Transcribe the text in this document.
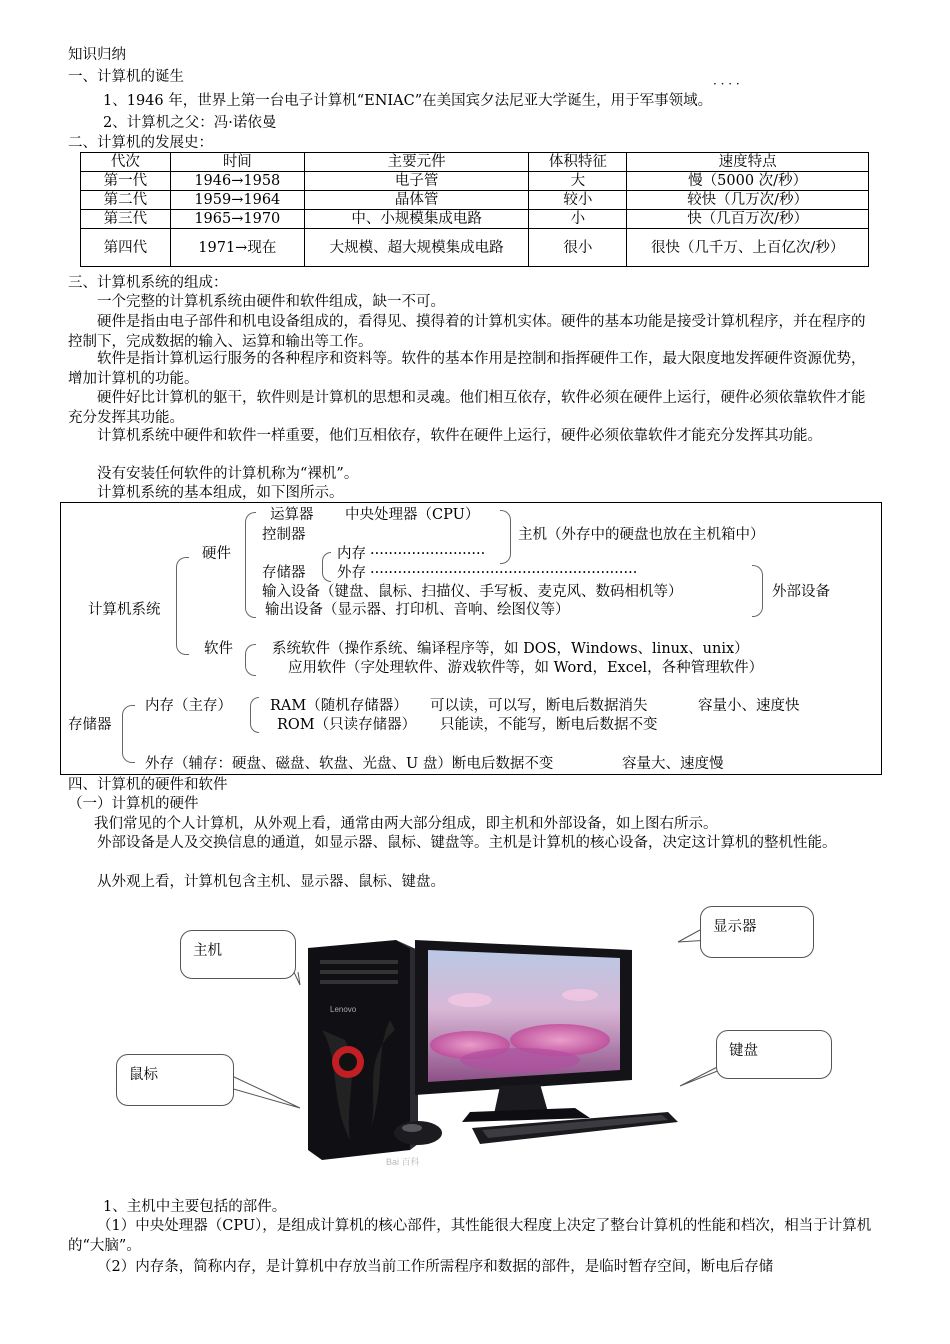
知识归纳
一、计算机的诞生	· · · ·
1、1946 年，世界上第一台电子计算机“ENIAC”在美国宾夕法尼亚大学诞生，用于军事领域。
2、计算机之父：冯·诺依曼
二、计算机的发展史：
代次	时间	主要元件	体积特征	速度特点
第一代	1946→1958	电子管	大	慢（5000 次/秒）
第二代	1959→1964	晶体管	较小	较快（几万次/秒）
第三代	1965→1970	中、小规模集成电路	小	快（几百万次/秒）
第四代	1971→现在	大规模、超大规模集成电路	很小	很快（几千万、上百亿次/秒）
三、计算机系统的组成：
一个完整的计算机系统由硬件和软件组成，缺一不可。
硬件是指由电子部件和机电设备组成的，看得见、摸得着的计算机实体。硬件的基本功能是接受计算机程序，并在程序的控制下，完成数据的输入、运算和输出等工作。
软件是指计算机运行服务的各种程序和资料等。软件的基本作用是控制和指挥硬件工作，最大限度地发挥硬件资源优势，增加计算机的功能。
硬件好比计算机的躯干，软件则是计算机的思想和灵魂。他们相互依存，软件必须在硬件上运行，硬件必须依靠软件才能充分发挥其功能。
计算机系统中硬件和软件一样重要，他们互相依存，软件在硬件上运行，硬件必须依靠软件才能充分发挥其功能。
没有安装任何软件的计算机称为“裸机”。
计算机系统的基本组成，如下图所示。
计算机系统
硬件
运算器 中央处理器（CPU）
控制器	主机（外存中的硬盘也放在主机箱中）
内存 ·························
存储器 外存 ··························································
输入设备（键盘、鼠标、扫描仪、手写板、麦克风、数码相机等）
输出设备（显示器、打印机、音响、绘图仪等）
外部设备
软件	系统软件（操作系统、编译程序等，如 DOS，Windows、linux、unix）
应用软件（字处理软件、游戏软件等，如 Word，Excel，各种管理软件）
存储器
内存（主存）	RAM（随机存储器） 可以读，可以写，断电后数据消失	容量小、速度快
ROM（只读存储器） 只能读，不能写，断电后数据不变
外存（辅存：硬盘、磁盘、软盘、光盘、U 盘）断电后数据不变	容量大、速度慢
四、计算机的硬件和软件
（一）计算机的硬件
我们常见的个人计算机，从外观上看，通常由两大部分组成，即主机和外部设备，如上图右所示。
外部设备是人及交换信息的通道，如显示器、鼠标、键盘等。主机是计算机的核心设备，决定这计算机的整机性能。
从外观上看，计算机包含主机、显示器、鼠标、键盘。
Lenovo
Bai 百科
主机
显示器
键盘
鼠标
1、主机中主要包括的部件。
（1）中央处理器（CPU），是组成计算机的核心部件，其性能很大程度上决定了整台计算机的性能和档次，相当于计算机的“大脑”。
（2）内存条，简称内存，是计算机中存放当前工作所需程序和数据的部件，是临时暂存空间，断电后存储
